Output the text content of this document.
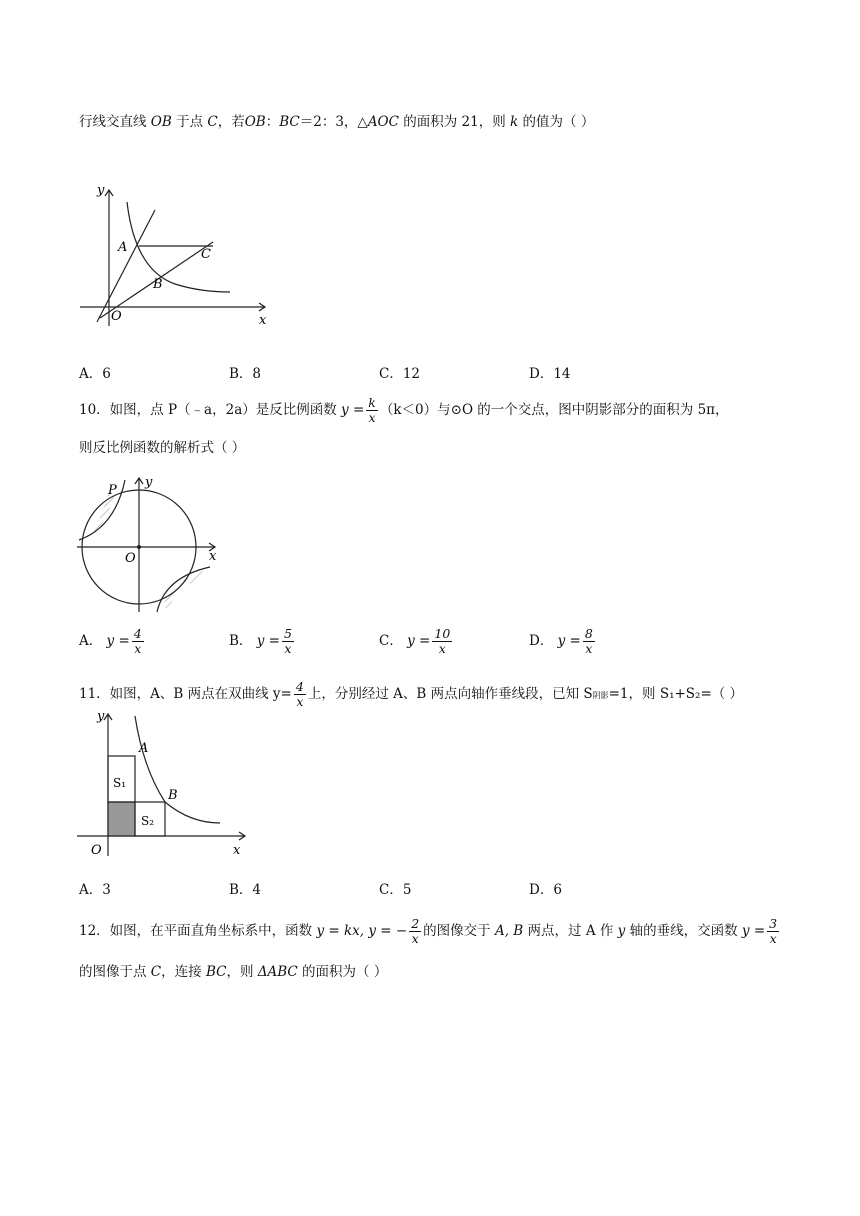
行线交直线 OB 于点 C，若OB：BC＝2：3，△AOC 的面积为 21，则 k 的值为（ ）
y
x
O
A
B
C
A．6	B．8	C．12	D．14
10．如图，点 P（﹣a，2a）是反比例函数 $y = \frac{k}{x} (k<0)$与⊙O 的一个交点，图中阴影部分的面积为 5π，
则反比例函数的解析式（ ）
P
y
O	x
A． $y = \frac{4}{x}$	B． $y = \frac{5}{x}$	C． $y = \frac{10}{x}$	D． $y = \frac{8}{x}$
11．如图，A、B 两点在双曲线 $y= \frac{4}{x}$ 上，分别经过 A、B 两点向轴作垂线段，已知 S阴影=1，则 S₁+S₂=（ ）
y
x
O
A
B
S₁
S₂
A．3	B．4	C．5	D．6
12．如图，在平面直角坐标系中，函数 y = kx, y = − $\frac{2}{x}$ 的图像交于 A, B 两点，过 A 作 y 轴的垂线，交函数 $y = \frac{3}{x}$
的图像于点 C，连接 BC，则 ΔABC 的面积为（ ）
